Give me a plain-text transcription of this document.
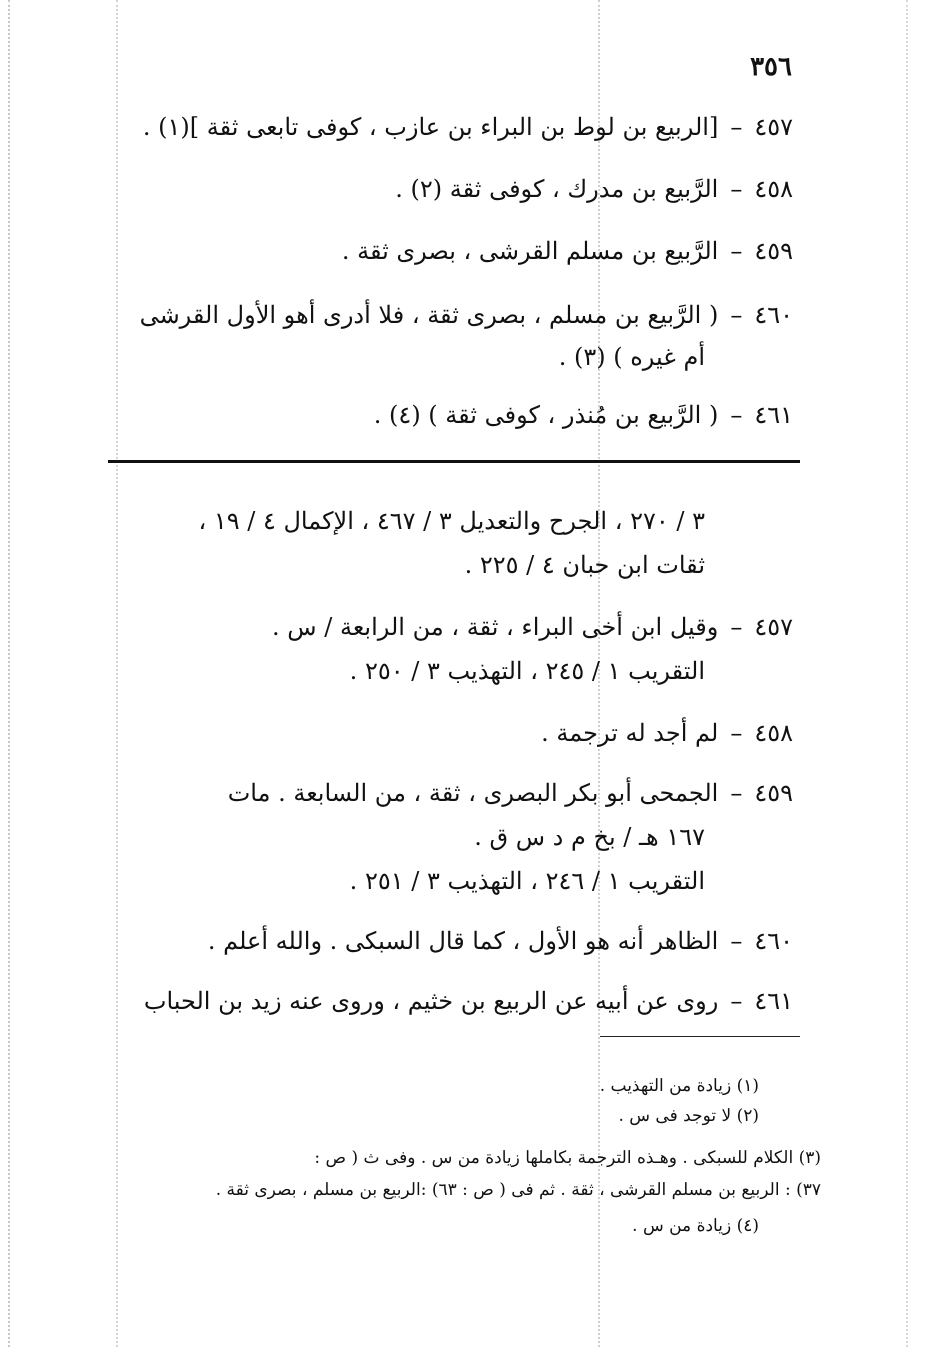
٣٥٦
٤٥٧–[الربيع بن لوط بن البراء بن عازب ، كوفى تابعى ثقة ](١) .
٤٥٨–الرَّبيع بن مدرك ، كوفى ثقة (٢) .
٤٥٩–الرَّبيع بن مسلم القرشى ، بصرى ثقة .
٤٦٠–( الرَّبيع بن مسلم ، بصرى ثقة ، فلا أدرى أهو الأول القرشى
أم غيره ) (٣) .
٤٦١–( الرَّبيع بن مُنذر ، كوفى ثقة ) (٤) .
٣ / ٢٧٠ ، الجرح والتعديل ٣ / ٤٦٧ ، الإكمال ٤ / ١٩ ،
ثقات ابن حبان ٤ / ٢٢٥ .
٤٥٧–وقيل ابن أخى البراء ، ثقة ، من الرابعة / س .
التقريب ١ / ٢٤٥ ، التهذيب ٣ / ٢٥٠ .
٤٥٨–لم أجد له ترجمة .
٤٥٩–الجمحى أبو بكر البصرى ، ثقة ، من السابعة . مات
١٦٧ هـ / بخ م د س ق .
التقريب ١ / ٢٤٦ ، التهذيب ٣ / ٢٥١ .
٤٦٠–الظاهر أنه هو الأول ، كما قال السبكى . والله أعلم .
٤٦١–روى عن أبيه عن الربيع بن خثيم ، وروى عنه زيد بن الحباب
(١) زيادة من التهذيب .
(٢) لا توجد فى س .
(٣) الكلام للسبكى . وهـذه الترجمة بكاملها زيادة من س . وفى ث ( ص :
٣٧) : الربيع بن مسلم القرشى ، ثقة . ثم فى ( ص : ٦٣) :الربيع بن مسلم ، بصرى ثقة .
(٤) زيادة من س .
